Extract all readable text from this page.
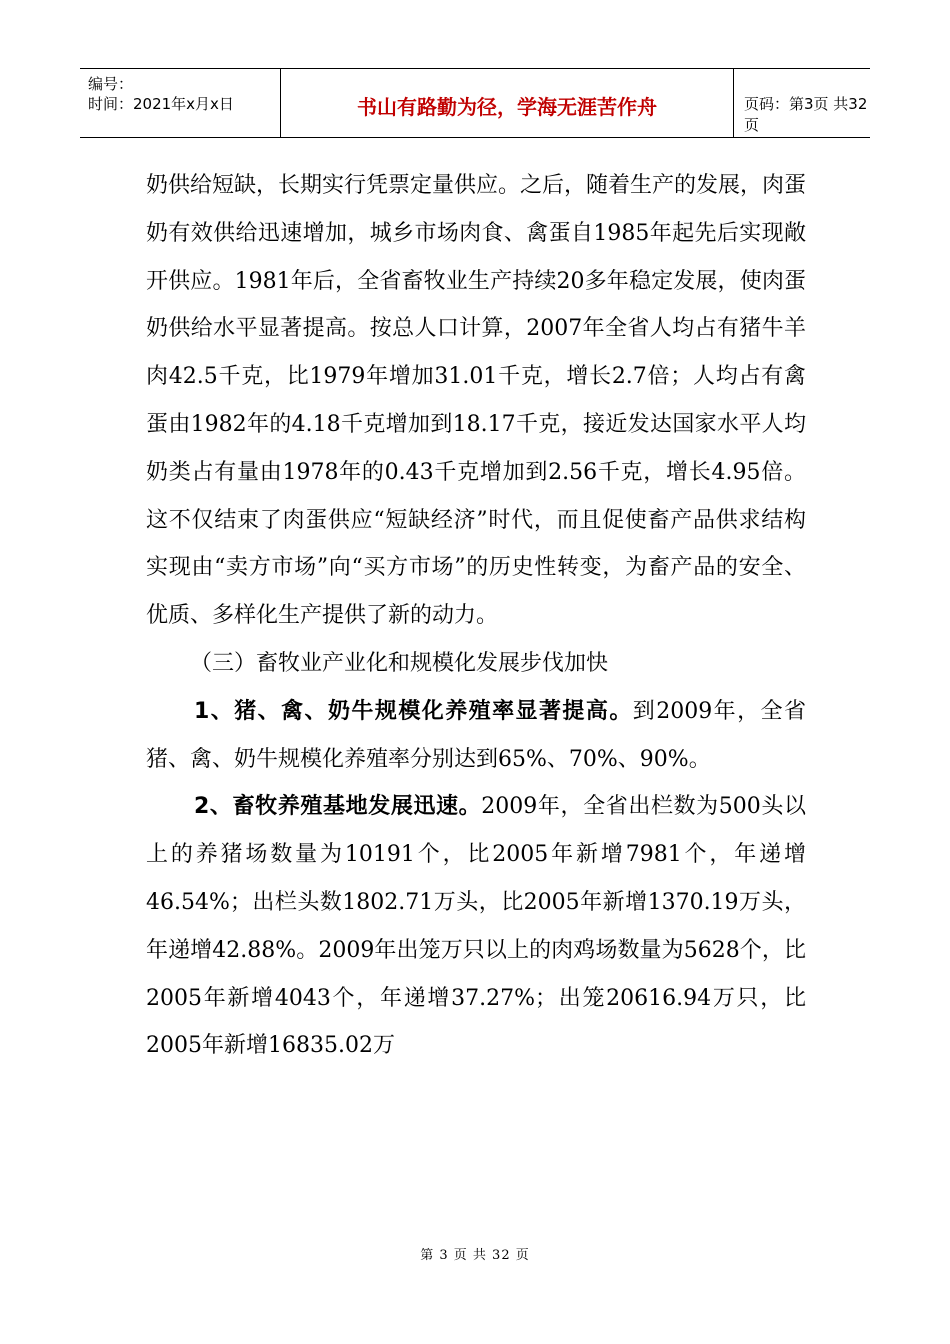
编号：
时间：2021年x月x日	书山有路勤为径，学海无涯苦作舟	页码：第3页 共32页

奶供给短缺，长期实行凭票定量供应。之后，随着生产的发展，肉蛋奶有效供给迅速增加，城乡市场肉食、禽蛋自1985年起先后实现敞开供应。1981年后，全省畜牧业生产持续20多年稳定发展，使肉蛋奶供给水平显著提高。按总人口计算，2007年全省人均占有猪牛羊肉42.5千克，比1979年增加31.01千克，增长2.7倍；人均占有禽蛋由1982年的4.18千克增加到18.17千克，接近发达国家水平人均奶类占有量由1978年的0.43千克增加到2.56千克，增长4.95倍。这不仅结束了肉蛋供应“短缺经济”时代，而且促使畜产品供求结构实现由“卖方市场”向“买方市场”的历史性转变，为畜产品的安全、优质、多样化生产提供了新的动力。

（三）畜牧业产业化和规模化发展步伐加快

1、猪、禽、奶牛规模化养殖率显著提高。到2009年，全省猪、禽、奶牛规模化养殖率分别达到65%、70%、90%。

2、畜牧养殖基地发展迅速。2009年，全省出栏数为500头以上的养猪场数量为10191个，比2005年新增7981个，年递增46.54%；出栏头数1802.71万头，比2005年新增1370.19万头，年递增42.88%。2009年出笼万只以上的肉鸡场数量为5628个，比2005年新增4043个，年递增37.27%；出笼20616.94万只，比2005年新增16835.02万

第 3 页 共 32 页
